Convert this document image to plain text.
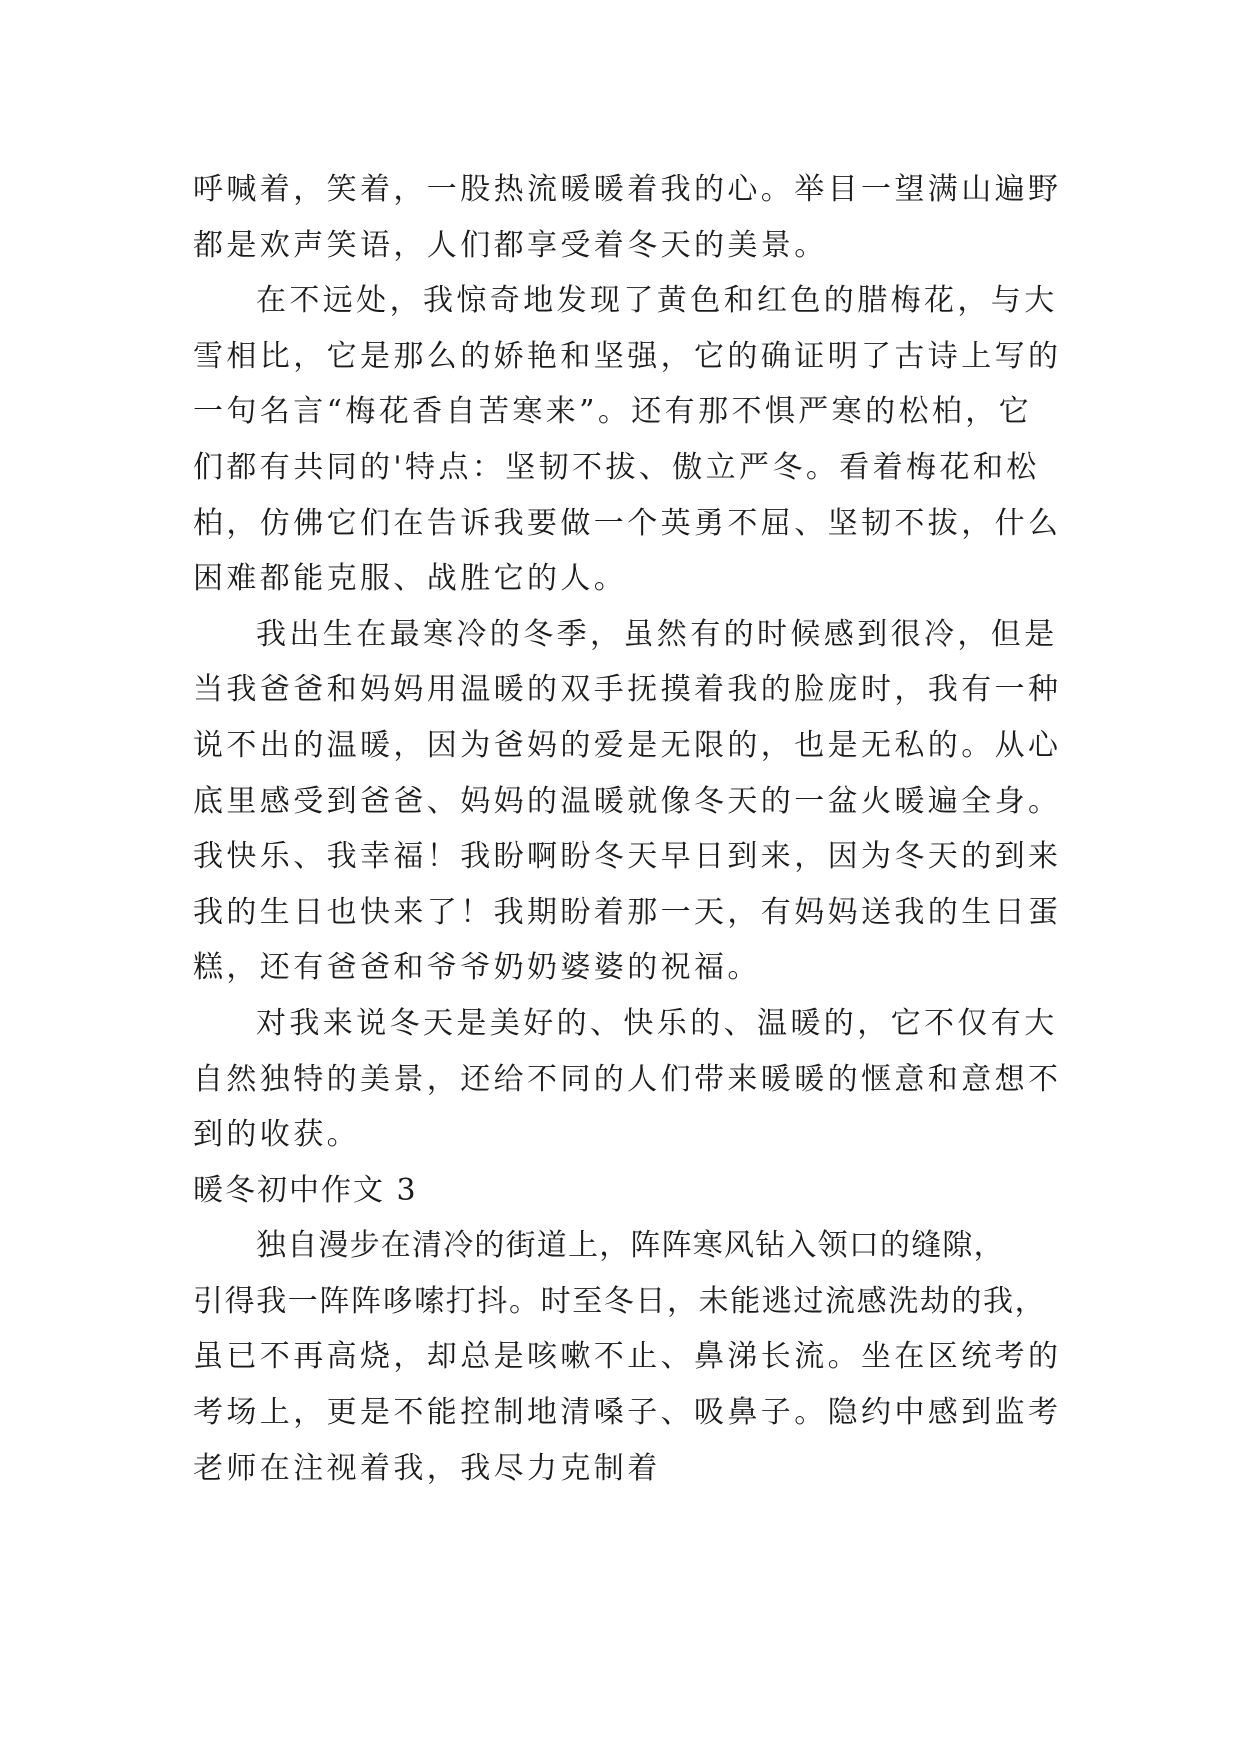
呼喊着，笑着，一股热流暖暖着我的心。举目一望满山遍野
都是欢声笑语，人们都享受着冬天的美景。
在不远处，我惊奇地发现了黄色和红色的腊梅花，与大
雪相比，它是那么的娇艳和坚强，它的确证明了古诗上写的
一句名言“梅花香自苦寒来”。还有那不惧严寒的松柏，它
们都有共同的'特点：坚韧不拔、傲立严冬。看着梅花和松
柏，仿佛它们在告诉我要做一个英勇不屈、坚韧不拔，什么
困难都能克服、战胜它的人。
我出生在最寒冷的冬季，虽然有的时候感到很冷，但是
当我爸爸和妈妈用温暖的双手抚摸着我的脸庞时，我有一种
说不出的温暖，因为爸妈的爱是无限的，也是无私的。从心
底里感受到爸爸、妈妈的温暖就像冬天的一盆火暖遍全身。
我快乐、我幸福！我盼啊盼冬天早日到来，因为冬天的到来
我的生日也快来了！我期盼着那一天，有妈妈送我的生日蛋
糕，还有爸爸和爷爷奶奶婆婆的祝福。
对我来说冬天是美好的、快乐的、温暖的，它不仅有大
自然独特的美景，还给不同的人们带来暖暖的惬意和意想不
到的收获。
暖冬初中作文 3
独自漫步在清冷的街道上，阵阵寒风钻入领口的缝隙，
引得我一阵阵哆嗦打抖。时至冬日，未能逃过流感洗劫的我，
虽已不再高烧，却总是咳嗽不止、鼻涕长流。坐在区统考的
考场上，更是不能控制地清嗓子、吸鼻子。隐约中感到监考
老师在注视着我，我尽力克制着
